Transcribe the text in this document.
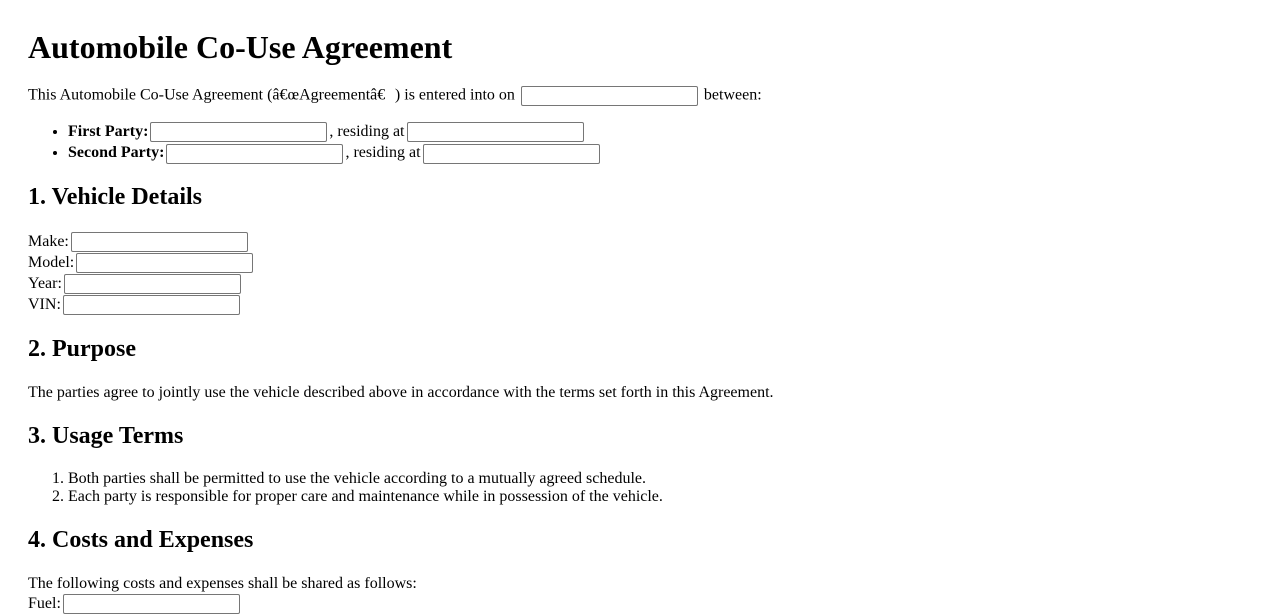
Automobile Co-Use Agreement

This Automobile Co-Use Agreement (â€œAgreementâ€) is entered into on	between:

• First Party:	, residing at
• Second Party:	, residing at
1. Vehicle Details
Make:
Model:
Year:
VIN:
2. Purpose

The parties agree to jointly use the vehicle described above in accordance with the terms set forth in this Agreement.

3. Usage Terms
1. Both parties shall be permitted to use the vehicle according to a mutually agreed schedule.
2. Each party is responsible for proper care and maintenance while in possession of the vehicle.
4. Costs and Expenses

The following costs and expenses shall be shared as follows:

Fuel:
